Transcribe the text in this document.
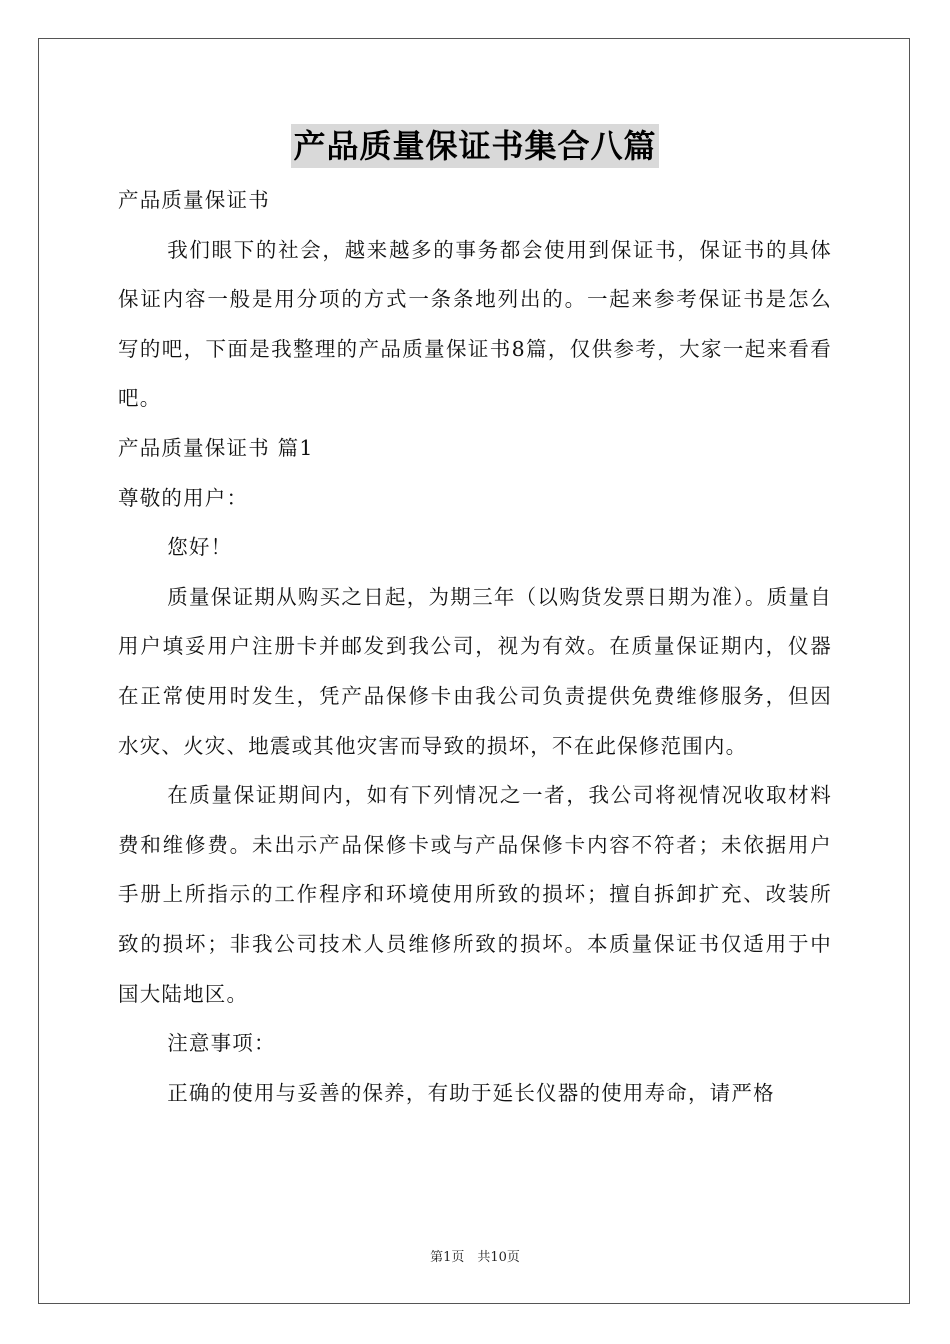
产品质量保证书集合八篇

产品质量保证书

我们眼下的社会，越来越多的事务都会使用到保证书，保证书的具体保证内容一般是用分项的方式一条条地列出的。一起来参考保证书是怎么写的吧，下面是我整理的产品质量保证书8篇，仅供参考，大家一起来看看吧。

产品质量保证书 篇1

尊敬的用户：

您好！

质量保证期从购买之日起，为期三年（以购货发票日期为准）。质量自用户填妥用户注册卡并邮发到我公司，视为有效。在质量保证期内，仪器在正常使用时发生，凭产品保修卡由我公司负责提供免费维修服务，但因水灾、火灾、地震或其他灾害而导致的损坏，不在此保修范围内。

在质量保证期间内，如有下列情况之一者，我公司将视情况收取材料费和维修费。未出示产品保修卡或与产品保修卡内容不符者；未依据用户手册上所指示的工作程序和环境使用所致的损坏；擅自拆卸扩充、改装所致的损坏；非我公司技术人员维修所致的损坏。本质量保证书仅适用于中国大陆地区。

注意事项：

正确的使用与妥善的保养，有助于延长仪器的使用寿命，请严格

第1页　共10页
